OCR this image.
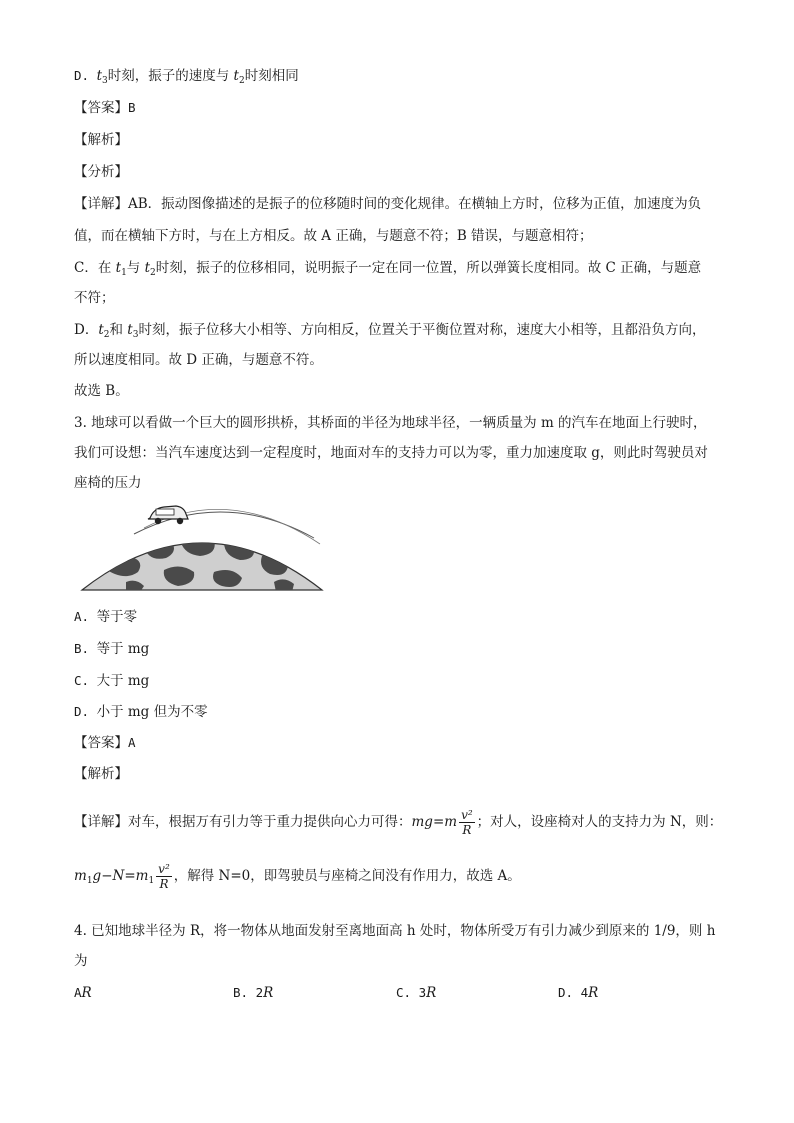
D. $t_3$时刻，振子的速度与 $t_2$时刻相同
【答案】B
【解析】
【分析】
【详解】AB．振动图像描述的是振子的位移随时间的变化规律。在横轴上方时，位移为正值，加速度为负
值，而在横轴下方时，与在上方相反。故 A 正确，与题意不符；B 错误，与题意相符；
C．在 $t_1$与 $t_2$时刻，振子的位移相同，说明振子一定在同一位置，所以弹簧长度相同。故 C 正确，与题意
不符；
D．$t_2$和 $t_3$时刻，振子位移大小相等、方向相反，位置关于平衡位置对称，速度大小相等，且都沿负方向，
所以速度相同。故 D 正确，与题意不符。
故选 B。
3. 地球可以看做一个巨大的圆形拱桥，其桥面的半径为地球半径，一辆质量为 m 的汽车在地面上行驶时，
我们可设想：当汽车速度达到一定程度时，地面对车的支持力可以为零，重力加速度取 g，则此时驾驶员对
座椅的压力
A. 等于零
B. 等于 mg
C. 大于 mg
D. 小于 mg 但为不零
【答案】A
【解析】
【详解】对车，根据万有引力等于重力提供向心力可得：$mg=m \frac{\text{v²}}{R}$ ；对人，设座椅对人的支持力为 N，则：
$m_1g-N=m_1 \frac{\text{v²}}{R}$ ，解得 N=0，即驾驶员与座椅之间没有作用力，故选 A。
4. 已知地球半径为 R，将一物体从地面发射至离地面高 h 处时，物体所受万有引力减少到原来的 1/9，则 h
为
AR	B. 2R	C. 3R	D. 4R
